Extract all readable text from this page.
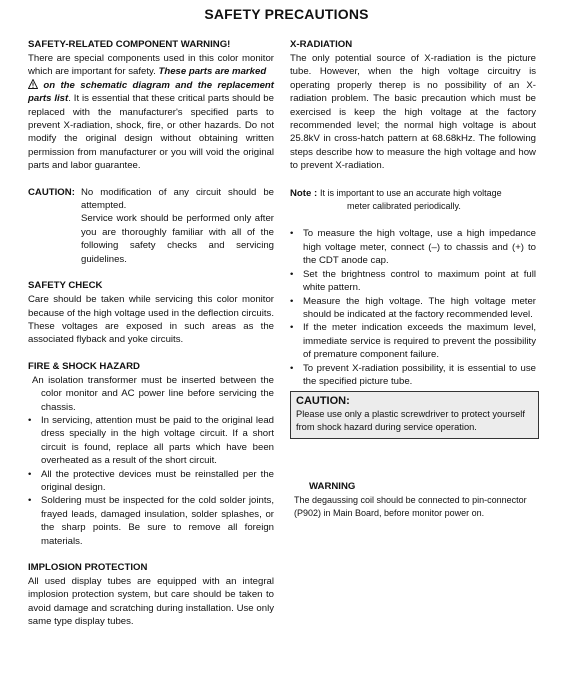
SAFETY PRECAUTIONS
SAFETY-RELATED COMPONENT WARNING!

There are special components used in this color monitor which are important for safety. These parts are marked
on the schematic diagram and the replacement parts list. It is essential that these critical parts should be replaced with the manufacturer's specified parts to prevent X-radiation, shock, fire, or other hazards. Do not modify the original design without obtaining written permission from manufacturer or you will void the original parts and labor guarantee.

CAUTION: No modification of any circuit should be attempted.

Service work should be performed only after you are thoroughly familiar with all of the following safety checks and servicing guidelines.

SAFETY CHECK

Care should be taken while servicing this color monitor because of the high voltage used in the deflection circuits. These voltages are exposed in such areas as the associated flyback and yoke circuits.

FIRE & SHOCK HAZARD

An isolation transformer must be inserted between the color monitor and AC power line before servicing the chassis.

• In servicing, attention must be paid to the original lead dress specially in the high voltage circuit. If a short circuit is found, replace all parts which have been overheated as a result of the short circuit.
• All the protective devices must be reinstalled per the original design.
• Soldering must be inspected for the cold solder joints, frayed leads, damaged insulation, solder splashes, or the sharp points. Be sure to remove all foreign materials.
IMPLOSION PROTECTION

All used display tubes are equipped with an integral implosion protection system, but care should be taken to avoid damage and scratching during installation. Use only same type display tubes.

X-RADIATION

The only potential source of X-radiation is the picture tube. However, when the high voltage circuitry is operating properly therep is no possibility of an X-radiation problem. The basic precaution which must be exercised is keep the high voltage at the factory recommended level; the normal high voltage is about 25.8kV in cross-hatch pattern at 68.68kHz. The following steps describe how to measure the high voltage and how to prevent X-radiation.

Note : It is important to use an accurate high voltage
meter calibrated periodically.
• To measure the high voltage, use a high impedance high voltage meter, connect (–) to chassis and (+) to the CDT anode cap.
• Set the brightness control to maximum point at full white pattern.
• Measure the high voltage. The high voltage meter should be indicated at the factory recommended level.
• If the meter indication exceeds the maximum level, immediate service is required to prevent the possibility of premature component failure.
• To prevent X-radiation possibility, it is essential to use the specified picture tube.
CAUTION:
Please use only a plastic screwdriver to protect yourself from shock hazard during service operation.
WARNING
The degaussing coil should be connected to pin-connector (P902) in Main Board, before monitor power on.
